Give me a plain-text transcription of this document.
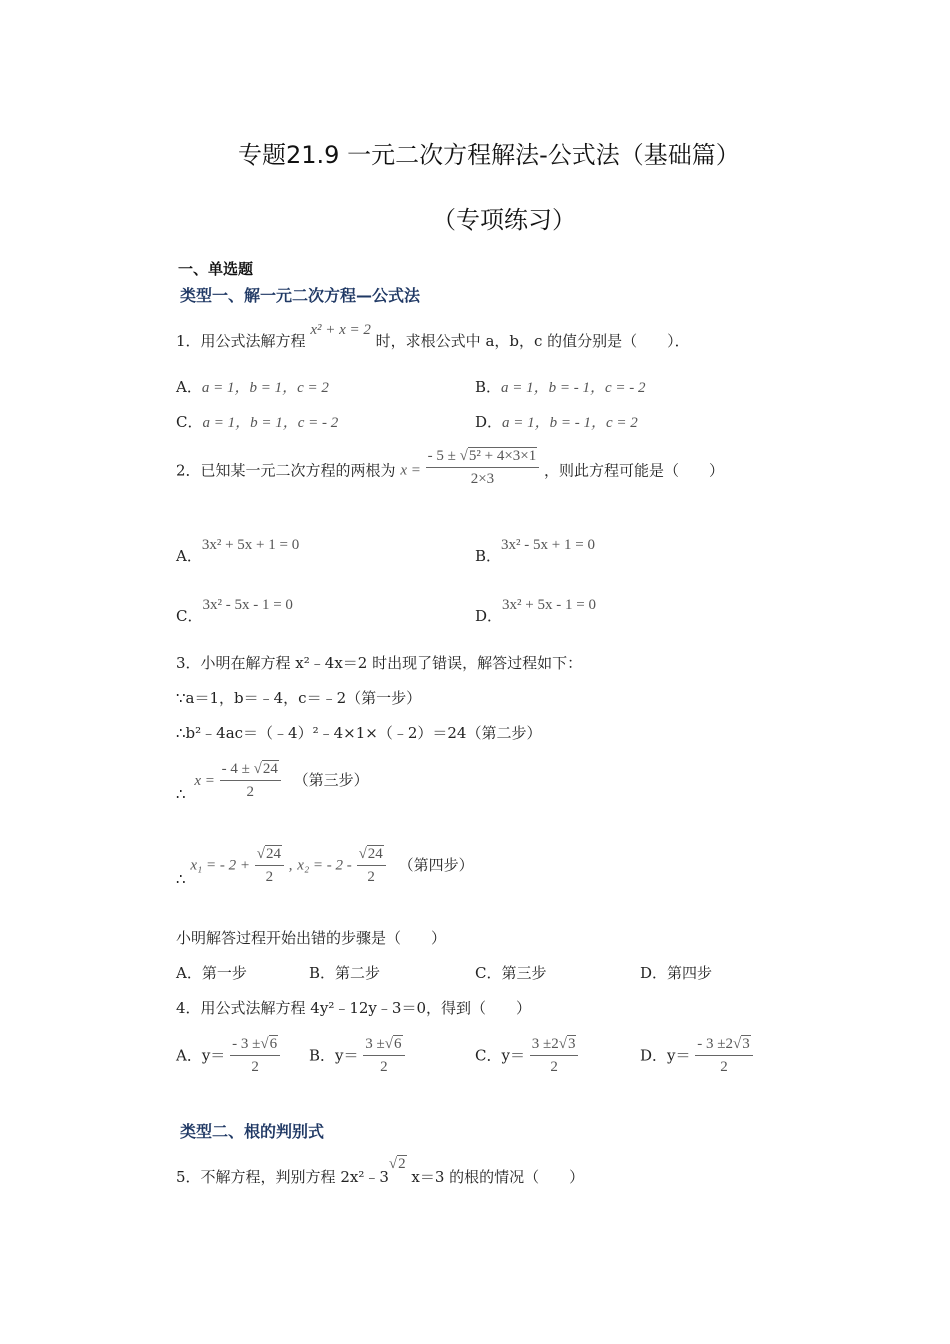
专题21.9 一元二次方程解法-公式法（基础篇）
（专项练习）
一、单选题
类型一、解一元二次方程—公式法
1．用公式法解方程 x² + x = 2 时，求根公式中 a，b，c 的值分别是（　　）．
A．a = 1，b = 1，c = 2	B．a = 1，b = - 1，c = - 2
C．a = 1，b = 1，c = - 2	D．a = 1，b = - 1，c = 2
2．已知某一元二次方程的两根为 $x = \frac{\text{- 5 ± √5² + 4×3×1}}{2\times 3}$ ，则此方程可能是（　　）
A．3x² + 5x + 1 = 0
B．3x² - 5x + 1 = 0
C．3x² - 5x - 1 = 0
D．3x² + 5x - 1 = 0
3．小明在解方程 x²﹣4x＝2 时出现了错误，解答过程如下：
∵a＝1，b＝﹣4，c＝﹣2（第一步）
∴b²﹣4ac＝（﹣4）²﹣4×1×（﹣2）＝24（第二步）
∴ $x = \frac{- 4 \pm √24}{2}$ （第三步）
∴ x₁ = - $2 + \frac{√24}{2}$ , x₂ = - $2 - \frac{√24}{2}$ （第四步）
小明解答过程开始出错的步骤是（　　）
A．第一步	B．第二步	C．第三步	D．第四步
4．用公式法解方程 4y²﹣12y﹣3＝0，得到（　　）
A．$y= \frac{- 3 \pm√6}{2}$ B．$y= \frac{3 \pm√6}{2}$	C．$y= \frac{3 \pm 2√3}{2}$	D．$y= \frac{- 3 \pm 2√3}{2}$
类型二、根的判别式
5．不解方程，判别方程 2x²﹣3√2 x＝3 的根的情况（　　）
